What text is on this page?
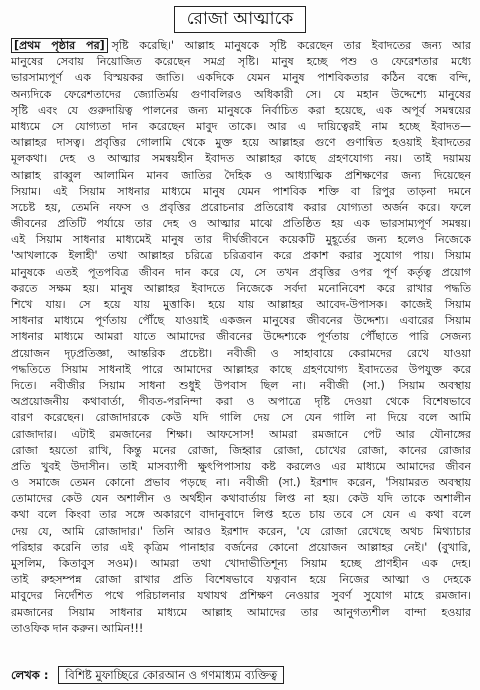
রোজা আত্মাকে
[প্রথম পৃষ্ঠার পর] সৃষ্টি করেছি।' আল্লাহ মানুষকে সৃষ্টি করেছেন তার ইবাদতের জন্য আর
মানুষের সেবায় নিয়োজিত করেছেন সমগ্র সৃষ্টি। মানুষ হচ্ছে পশু ও ফেরেশতার মধ্যে
ভারসাম্যপূর্ণ এক বিস্ময়কর জাতি। একদিকে যেমন মানুষ পাশবিকতার কঠিন বন্ধে বন্দি,
অন্যদিকে ফেরেশতাদের জ্যোতির্ময় গুণাবলিরও অধিকারী সে। যে মহান উদ্দেশ্যে মানুষের
সৃষ্টি এবং যে গুরুদায়িত্ব পালনের জন্য মানুষকে নির্বাচিত করা হয়েছে, এক অপূর্ব সমন্বয়ের
মাধ্যমে সে যোগ্যতা দান করেছেন মাবুদ তাকে। আর এ দায়িত্বেরই নাম হচ্ছে ইবাদত—
আল্লাহর দাসত্ব। প্রবৃত্তির গোলামি থেকে মুক্ত হয়ে আল্লাহর গুণে গুণান্বিত হওয়াই ইবাদতের
মূলকথা। দেহ ও আত্মার সমন্বয়হীন ইবাদত আল্লাহর কাছে গ্রহণযোগ্য নয়। তাই দয়াময়
আল্লাহ রাব্বুল আলামিন মানব জাতির দৈহিক ও আধ্যাত্মিক প্রশিক্ষণের জন্য দিয়েছেন
সিয়াম। এই সিয়াম সাধনার মাধ্যমে মানুষ যেমন পাশবিক শক্তি বা রিপুর তাড়না দমনে
সচেষ্ট হয়, তেমনি নফস ও প্রবৃত্তির প্ররোচনার প্রতিরোধ করার যোগ্যতা অর্জন করে। ফলে
জীবনের প্রতিটি পর্যায়ে তার দেহ ও আত্মার মাঝে প্রতিষ্ঠিত হয় এক ভারসাম্যপূর্ণ সমন্বয়।
এই সিয়াম সাধনার মাধ্যমেই মানুষ তার দীর্ঘজীবনে কয়েকটি মুহূর্তের জন্য হলেও নিজেকে
'আখলাকে ইলাহী' তথা আল্লাহর চরিত্রে চরিত্রবান করে প্রকাশ করার সুযোগ পায়। সিয়াম
মানুষকে এতই পূতপবিত্র জীবন দান করে যে, সে তখন প্রবৃত্তির ওপর পূর্ণ কর্তৃত্ব প্রয়োগ
করতে সক্ষম হয়। মানুষ আল্লাহর ইবাদতে নিজেকে সর্বদা মনোনিবেশ করে রাখার পদ্ধতি
শিখে যায়। সে হয়ে যায় মুত্তাকি। হয়ে যায় আল্লাহর আবেদ-উপাসক। কাজেই সিয়াম
সাধনার মাধ্যমে পূর্ণতায় পৌঁছে যাওয়াই একজন মানুষের জীবনের উদ্দেশ্য। এবারের সিয়াম
সাধনার মাধ্যমে আমরা যাতে আমাদের জীবনের উদ্দেশ্যকে পূর্ণতায় পৌঁছাতে পারি সেজন্য
প্রয়োজন দৃঢ়প্রতিজ্ঞা, আন্তরিক প্রচেষ্টা। নবীজী ও সাহাবায়ে কেরামদের রেখে যাওয়া
পদ্ধতিতে সিয়াম সাধনাই পারে আমাদের আল্লাহর কাছে গ্রহণযোগ্য ইবাদতের উপযুক্ত করে
দিতে। নবীজীর সিয়াম সাধনা শুধুই উপবাস ছিল না। নবীজী (সা.) সিয়াম অবস্থায়
অপ্রয়োজনীয় কথাবার্তা, গীবত-পরনিন্দা করা ও অপাত্রে দৃষ্টি দেওয়া থেকে বিশেষভাবে
বারণ করেছেন। রোজাদারকে কেউ যদি গালি দেয় সে যেন গালি না দিয়ে বলে আমি
রোজাদার। এটাই রমজানের শিক্ষা। আফসোস! আমরা রমজানে পেট আর যৌনাঙ্গের
রোজা হয়তো রাখি, কিন্তু মনের রোজা, জিহ্বার রোজা, চোখের রোজা, কানের রোজার
প্রতি খুবই উদাসীন। তাই মাসব্যাপী ক্ষুৎপিপাসায় কষ্ট করলেও এর মাধ্যমে আমাদের জীবন
ও সমাজে তেমন কোনো প্রভাব পড়ছে না। নবীজী (সা.) ইরশাদ করেন, 'সিয়ামরত অবস্থায়
তোমাদের কেউ যেন অশালীন ও অর্থহীন কথাবার্তায় লিপ্ত না হয়। কেউ যদি তাকে অশালীন
কথা বলে কিংবা তার সঙ্গে অকারণে বাদানুবাদে লিপ্ত হতে চায় তবে সে যেন এ কথা বলে
দেয় যে, আমি রোজাদার।' তিনি আরও ইরশাদ করেন, 'যে রোজা রেখেছে অথচ মিথ্যাচার
পরিহার করেনি তার এই কৃত্রিম পানাহার বর্জনের কোনো প্রয়োজন আল্লাহর নেই।' (বুখারি,
মুসলিম, কিতাবুস সওম)। আমরা তথা খোদাভীতিশূন্য সিয়াম হচ্ছে প্রাণহীন এক দেহ।
তাই রুহসম্পন্ন রোজা রাখার প্রতি বিশেষভাবে যত্নবান হয়ে নিজের আত্মা ও দেহকে
মাবুদের নির্দেশিত পথে পরিচালনার যথাযথ প্রশিক্ষণ নেওয়ার সুবর্ণ সুযোগ মাহে রমজান।
রমজানের সিয়াম সাধনার মাধ্যমে আল্লাহ আমাদের তার আনুগত্যশীল বান্দা হওয়ার
তাওফিক দান করুন। আমিন!!!
লেখক : বিশিষ্ট মুফাচ্ছিরে কোরআন ও গণমাধ্যম ব্যক্তিত্ব
